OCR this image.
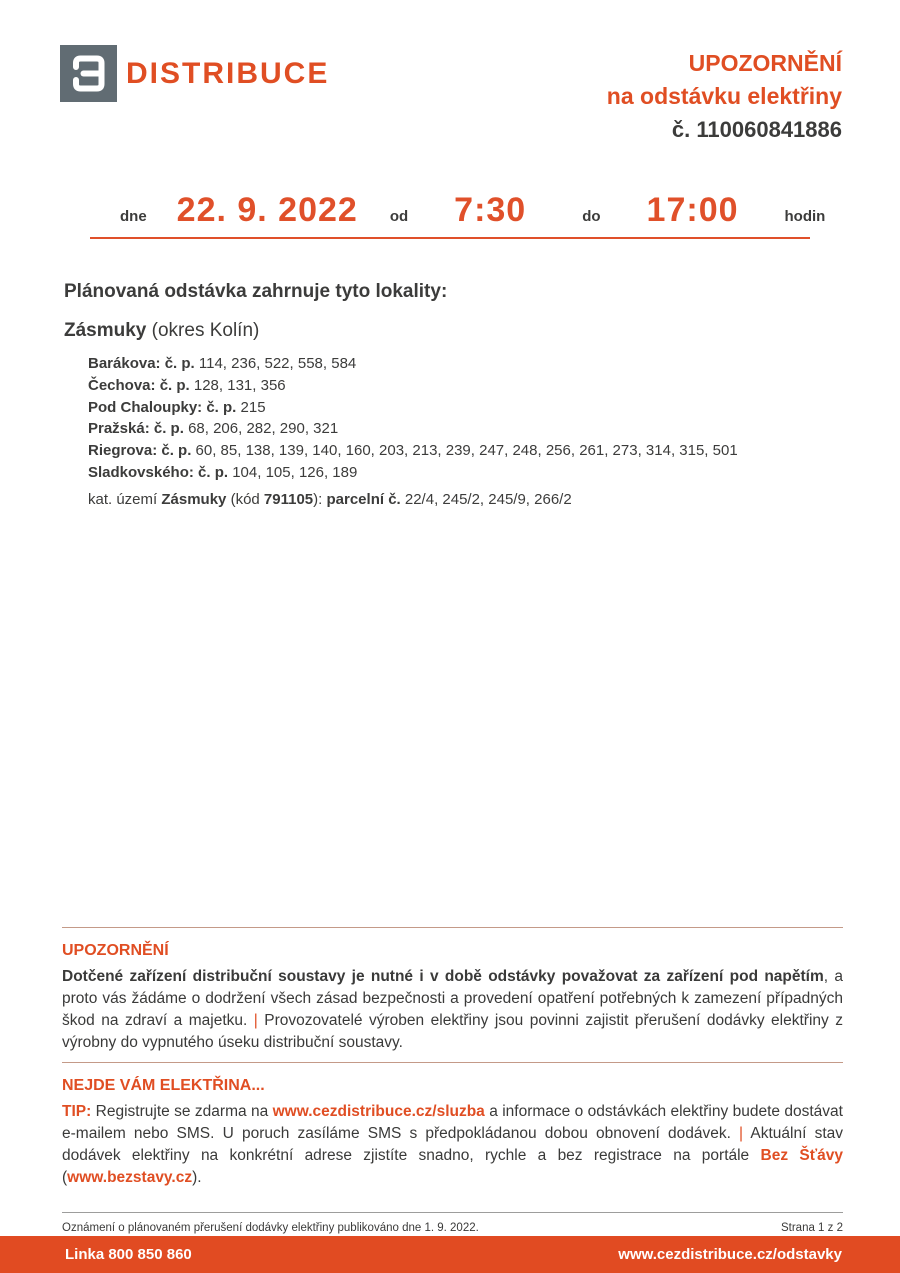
DISTRIBUCE	UPOZORNĚNÍ
na odstávku elektřiny
č. 110060841886
dne 22. 9. 2022 od 7:30	do 17:00	hodin
Plánovaná odstávka zahrnuje tyto lokality:
Zásmuky (okres Kolín)
Barákova: č. p. 114, 236, 522, 558, 584
Čechova: č. p. 128, 131, 356
Pod Chaloupky: č. p. 215
Pražská: č. p. 68, 206, 282, 290, 321
Riegrova: č. p. 60, 85, 138, 139, 140, 160, 203, 213, 239, 247, 248, 256, 261, 273, 314, 315, 501
Sladkovského: č. p. 104, 105, 126, 189
kat. území Zásmuky (kód 791105): parcelní č. 22/4, 245/2, 245/9, 266/2
UPOZORNĚNÍ
Dotčené zařízení distribuční soustavy je nutné i v době odstávky považovat za zařízení pod napětím, a proto vás žádáme o dodržení všech zásad bezpečnosti a provedení opatření potřebných k zamezení případných škod na zdraví a majetku. | Provozovatelé výroben elektřiny jsou povinni zajistit přerušení dodávky elektřiny z výrobny do vypnutého úseku distribuční soustavy.
NEJDE VÁM ELEKTŘINA...
TIP: Registrujte se zdarma na www.cezdistribuce.cz/sluzba a informace o odstávkách elektřiny budete dostávat e-mailem nebo SMS. U poruch zasíláme SMS s předpokládanou dobou obnovení dodávek. | Aktuální stav dodávek elektřiny na konkrétní adrese zjistíte snadno, rychle a bez registrace na portále Bez Šťávy (www.bezstavy.cz).
Oznámení o plánovaném přerušení dodávky elektřiny publikováno dne 1. 9. 2022.	Strana 1 z 2
Linka 800 850 860	www.cezdistribuce.cz/odstavky
